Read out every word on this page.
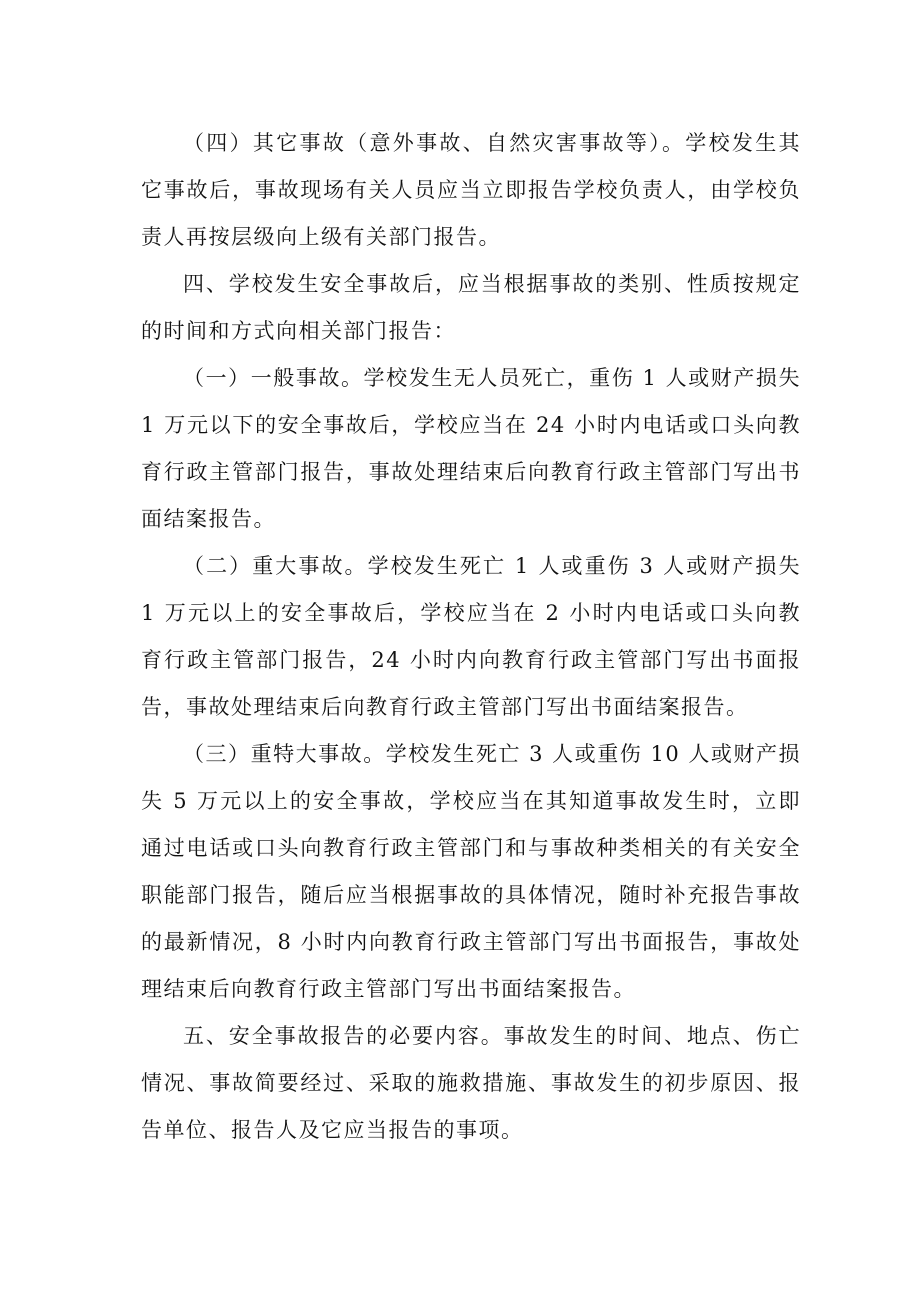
（四）其它事故（意外事故、自然灾害事故等）。学校发生其它事故后，事故现场有关人员应当立即报告学校负责人，由学校负责人再按层级向上级有关部门报告。

四、学校发生安全事故后，应当根据事故的类别、性质按规定的时间和方式向相关部门报告：

（一）一般事故。学校发生无人员死亡，重伤 1 人或财产损失 1 万元以下的安全事故后，学校应当在 24 小时内电话或口头向教育行政主管部门报告，事故处理结束后向教育行政主管部门写出书面结案报告。

（二）重大事故。学校发生死亡 1 人或重伤 3 人或财产损失 1 万元以上的安全事故后，学校应当在 2 小时内电话或口头向教育行政主管部门报告，24 小时内向教育行政主管部门写出书面报告，事故处理结束后向教育行政主管部门写出书面结案报告。

（三）重特大事故。学校发生死亡 3 人或重伤 10 人或财产损失 5 万元以上的安全事故，学校应当在其知道事故发生时，立即通过电话或口头向教育行政主管部门和与事故种类相关的有关安全职能部门报告，随后应当根据事故的具体情况，随时补充报告事故的最新情况，8 小时内向教育行政主管部门写出书面报告，事故处理结束后向教育行政主管部门写出书面结案报告。

五、安全事故报告的必要内容。事故发生的时间、地点、伤亡情况、事故简要经过、采取的施救措施、事故发生的初步原因、报告单位、报告人及它应当报告的事项。
